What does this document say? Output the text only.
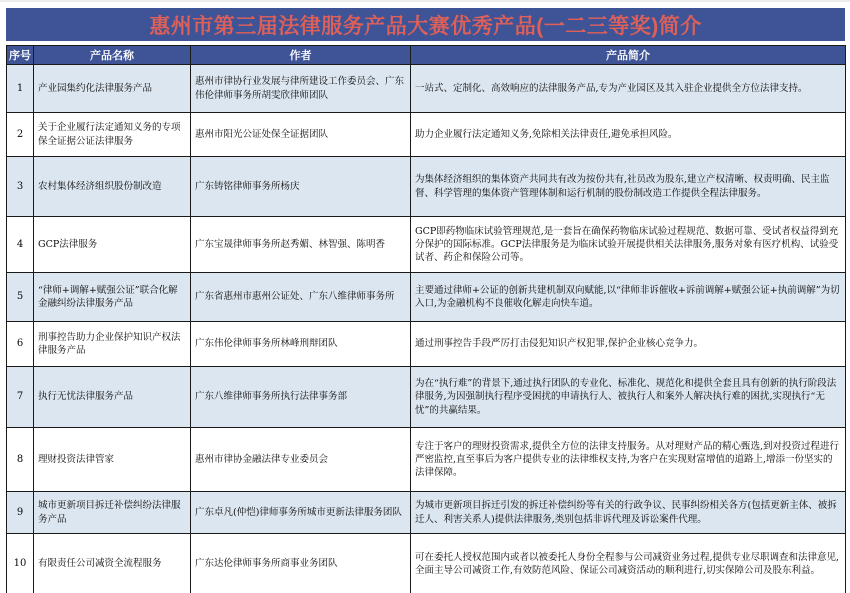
惠州市第三届法律服务产品大赛优秀产品(一二三等奖)简介
序号	产品名称	作者	产品简介
1	产业园集约化法律服务产品	惠州市律协行业发展与律所建设工作委员会、广东伟伦律师事务所胡雯欣律师团队	一站式、定制化、高效响应的法律服务产品,专为产业园区及其入驻企业提供全方位法律支持。
2	关于企业履行法定通知义务的专项保全证据公证法律服务	惠州市阳光公证处保全证据团队	助力企业履行法定通知义务,免除相关法律责任,避免承担风险。
3	农村集体经济组织股份制改造	广东铸铭律师事务所杨庆	为集体经济组织的集体资产共同共有改为按份共有,社员改为股东,建立产权清晰、权责明确、民主监督、科学管理的集体资产管理体制和运行机制的股份制改造工作提供全程法律服务。
4	GCP法律服务	广东宝晟律师事务所赵秀媚、林智强、陈明香	GCP即药物临床试验管理规范,是一套旨在确保药物临床试验过程规范、数据可靠、受试者权益得到充分保护的国际标准。GCP法律服务是为临床试验开展提供相关法律服务,服务对象有医疗机构、试验受试者、药企和保险公司等。
5	“律师+调解+赋强公证”联合化解金融纠纷法律服务产品	广东省惠州市惠州公证处、广东八维律师事务所	主要通过律师+公证的创新共建机制双向赋能,以“律师非诉催收+诉前调解+赋强公证+执前调解”为切入口,为金融机构不良催收化解走向快车道。
6	刑事控告助力企业保护知识产权法律服务产品	广东伟伦律师事务所林峰刑辩团队	通过刑事控告手段严厉打击侵犯知识产权犯罪,保护企业核心竞争力。
7	执行无忧法律服务产品	广东八维律师事务所执行法律事务部	为在“执行难”的背景下,通过执行团队的专业化、标准化、规范化和提供全套且具有创新的执行阶段法律服务,为因强制执行程序受困扰的申请执行人、被执行人和案外人解决执行难的困扰,实现执行“无忧”的共赢结果。
8	理财投资法律管家	惠州市律协金融法律专业委员会	专注于客户的理财投资需求,提供全方位的法律支持服务。从对理财产品的精心甄选,到对投资过程进行严密监控,直至事后为客户提供专业的法律维权支持,为客户在实现财富增值的道路上,增添一份坚实的法律保障。
9	城市更新项目拆迁补偿纠纷法律服务产品	广东卓凡(仲恺)律师事务所城市更新法律服务团队	为城市更新项目拆迁引发的拆迁补偿纠纷等有关的行政争议、民事纠纷相关各方(包括更新主体、被拆迁人、利害关系人)提供法律服务,类别包括非诉代理及诉讼案件代理。
10	有限责任公司减资全流程服务	广东达伦律师事务所商事业务团队	可在委托人授权范围内或者以被委托人身份全程参与公司减资业务过程,提供专业尽职调查和法律意见,全面主导公司减资工作,有效防范风险、保证公司减资活动的顺利进行,切实保障公司及股东利益。
